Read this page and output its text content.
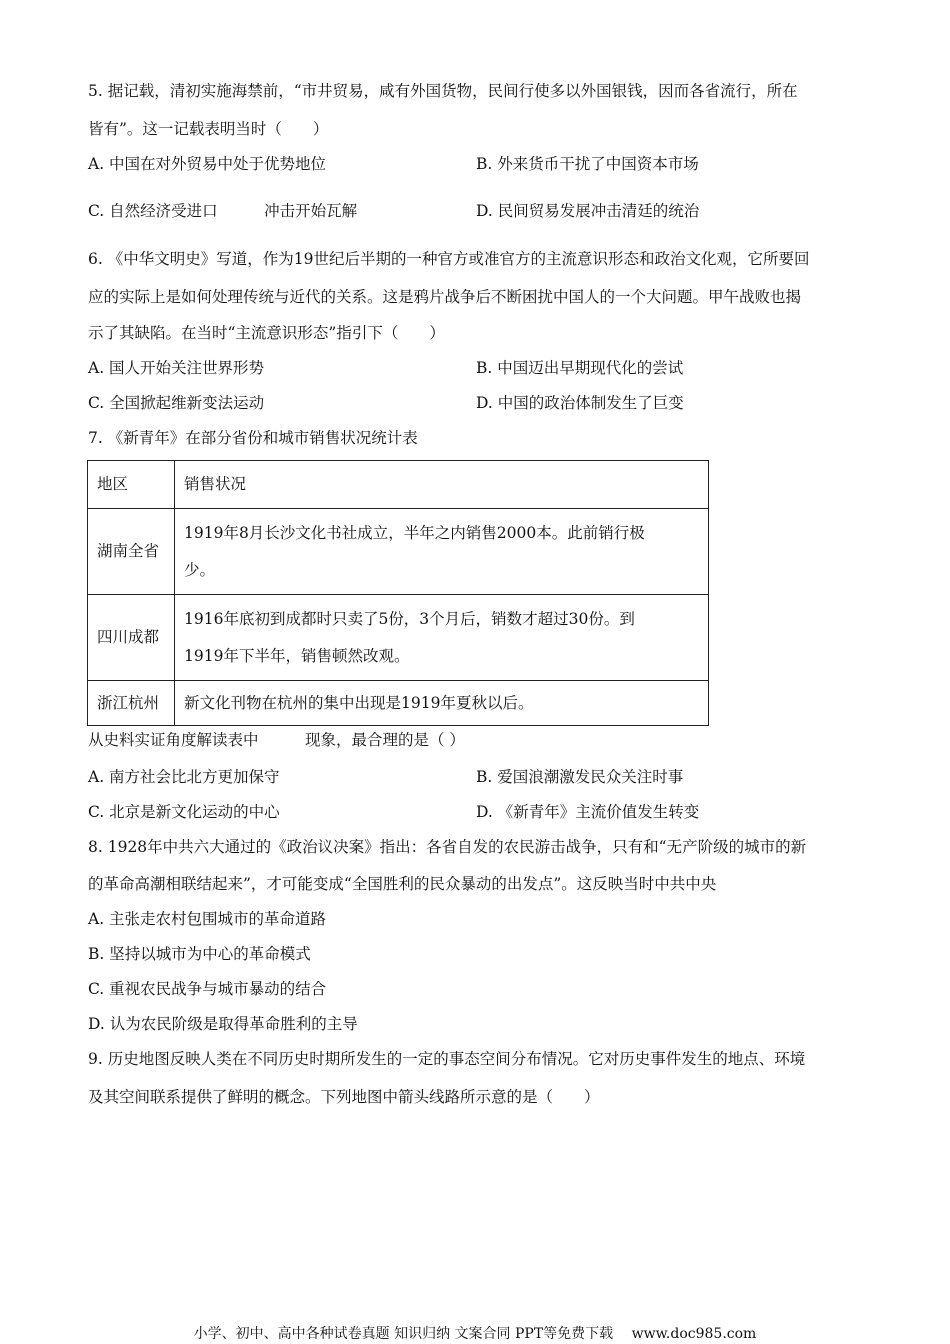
5. 据记载，清初实施海禁前，“市井贸易，咸有外国货物，民间行使多以外国银钱，因而各省流行，所在
皆有”。这一记载表明当时（　　）
A. 中国在对外贸易中处于优势地位	B. 外来货币干扰了中国资本市场
C. 自然经济受进口　　　冲击开始瓦解	D. 民间贸易发展冲击清廷的统治
6. 《中华文明史》写道，作为19世纪后半期的一种官方或准官方的主流意识形态和政治文化观，它所要回
应的实际上是如何处理传统与近代的关系。这是鸦片战争后不断困扰中国人的一个大问题。甲午战败也揭
示了其缺陷。在当时“主流意识形态”指引下（　　）
A. 国人开始关注世界形势	B. 中国迈出早期现代化的尝试
C. 全国掀起维新变法运动	D. 中国的政治体制发生了巨变
7. 《新青年》在部分省份和城市销售状况统计表
地区	销售状况
湖南全省	1919年8月长沙文化书社成立，半年之内销售2000本。此前销行极
少。

四川成都	1916年底初到成都时只卖了5份，3个月后，销数才超过30份。到
1919年下半年，销售顿然改观。

浙江杭州	新文化刊物在杭州的集中出现是1919年夏秋以后。
从史料实证角度解读表中　　　现象，最合理的是（ ）
A. 南方社会比北方更加保守	B. 爱国浪潮激发民众关注时事
C. 北京是新文化运动的中心	D. 《新青年》主流价值发生转变
8. 1928年中共六大通过的《政治议决案》指出：各省自发的农民游击战争，只有和“无产阶级的城市的新
的革命高潮相联结起来”，才可能变成“全国胜利的民众暴动的出发点”。这反映当时中共中央
A. 主张走农村包围城市的革命道路
B. 坚持以城市为中心的革命模式
C. 重视农民战争与城市暴动的结合
D. 认为农民阶级是取得革命胜利的主导
9. 历史地图反映人类在不同历史时期所发生的一定的事态空间分布情况。它对历史事件发生的地点、环境
及其空间联系提供了鲜明的概念。下列地图中箭头线路所示意的是（　　）
小学、初中、高中各种试卷真题 知识归纳 文案合同 PPT等免费下载　 www.doc985.com
